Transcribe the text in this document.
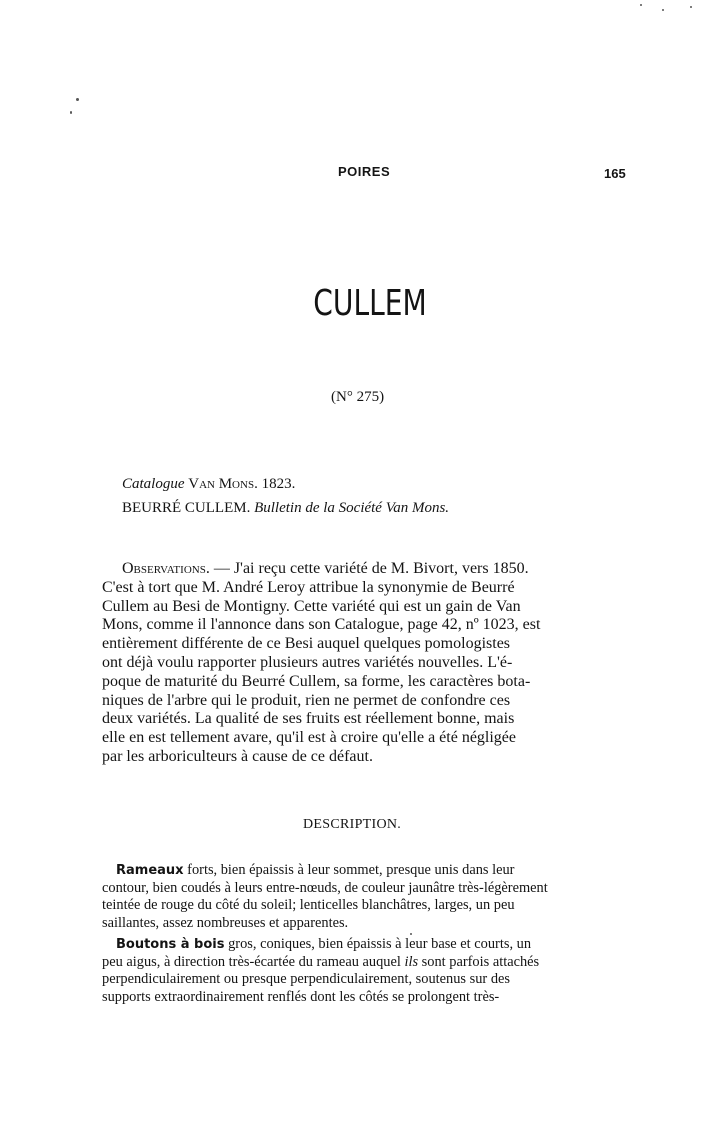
POIRES	165
CULLEM
(N° 275)
Catalogue Van Mons. 1823.
BEURRÉ CULLEM. Bulletin de la Société Van Mons.
Observations. — J'ai reçu cette variété de M. Bivort, vers 1850.
C'est à tort que M. André Leroy attribue la synonymie de Beurré
Cullem au Besi de Montigny. Cette variété qui est un gain de Van
Mons, comme il l'annonce dans son Catalogue, page 42, nº 1023, est
entièrement différente de ce Besi auquel quelques pomologistes
ont déjà voulu rapporter plusieurs autres variétés nouvelles. L'é-
poque de maturité du Beurré Cullem, sa forme, les caractères bota-
niques de l'arbre qui le produit, rien ne permet de confondre ces
deux variétés. La qualité de ses fruits est réellement bonne, mais
elle en est tellement avare, qu'il est à croire qu'elle a été négligée
par les arboriculteurs à cause de ce défaut.
DESCRIPTION.
Rameaux forts, bien épaissis à leur sommet, presque unis dans leur
contour, bien coudés à leurs entre-nœuds, de couleur jaunâtre très-légèrement
teintée de rouge du côté du soleil; lenticelles blanchâtres, larges, un peu
saillantes, assez nombreuses et apparentes.
Boutons à bois gros, coniques, bien épaissis à leur base et courts, un
peu aigus, à direction très-écartée du rameau auquel ils sont parfois attachés
perpendiculairement ou presque perpendiculairement, soutenus sur des
supports extraordinairement renflés dont les côtés se prolongent très-
